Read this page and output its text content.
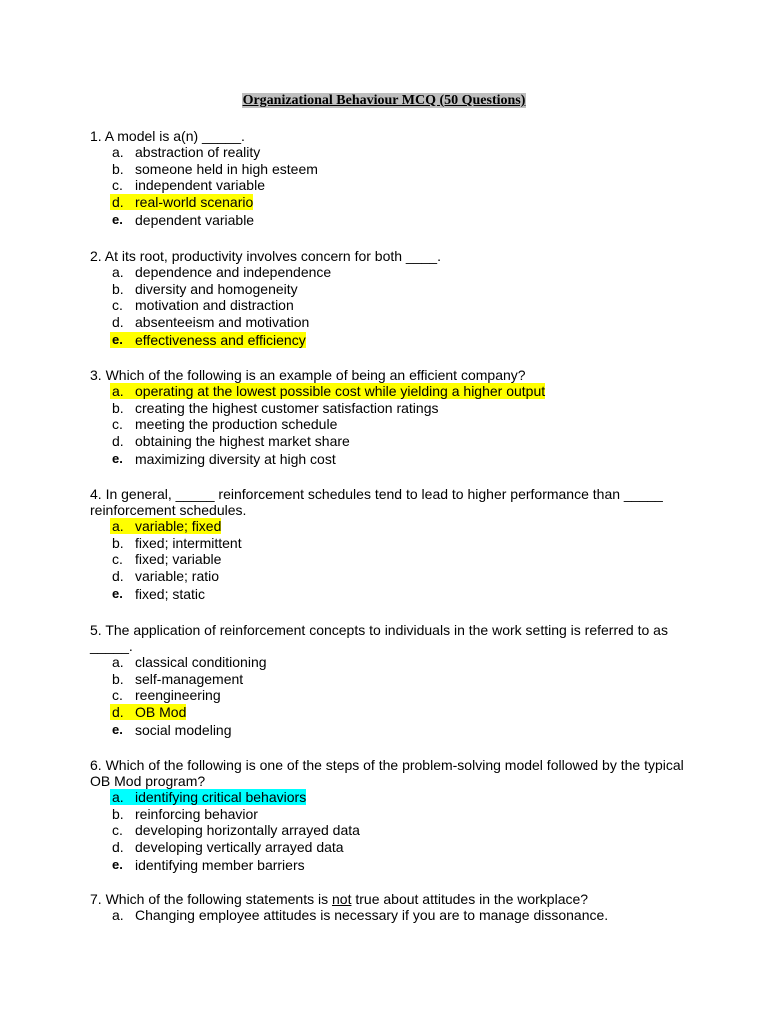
Organizational Behaviour MCQ (50 Questions)

1. A model is a(n) _____.

a. abstraction of reality
b. someone held in high esteem
c. independent variable
d. real-world scenario
e. dependent variable

2. At its root, productivity involves concern for both ____.

a. dependence and independence
b. diversity and homogeneity
c. motivation and distraction
d. absenteeism and motivation
e. effectiveness and efficiency

3. Which of the following is an example of being an efficient company?

a. operating at the lowest possible cost while yielding a higher output
b. creating the highest customer satisfaction ratings
c. meeting the production schedule
d. obtaining the highest market share
e. maximizing diversity at high cost

4. In general, _____ reinforcement schedules tend to lead to higher performance than _____

reinforcement schedules.

a. variable; fixed
b. fixed; intermittent
c. fixed; variable
d. variable; ratio
e. fixed; static

5. The application of reinforcement concepts to individuals in the work setting is referred to as

_____.

a. classical conditioning
b. self-management
c. reengineering
d. OB Mod
e. social modeling

6. Which of the following is one of the steps of the problem-solving model followed by the typical

OB Mod program?

a. identifying critical behaviors
b. reinforcing behavior
c. developing horizontally arrayed data
d. developing vertically arrayed data
e. identifying member barriers

7. Which of the following statements is not true about attitudes in the workplace?

a. Changing employee attitudes is necessary if you are to manage dissonance.
